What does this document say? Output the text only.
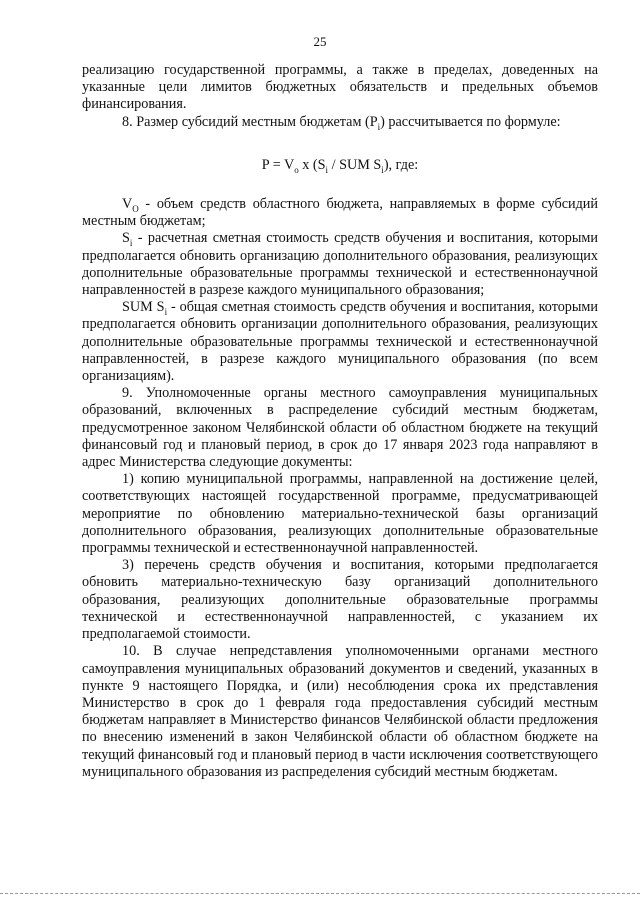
25

реализацию государственной программы, а также в пределах, доведенных на указанные цели лимитов бюджетных обязательств и предельных объемов финансирования.

8. Размер субсидий местным бюджетам $(P_i)$ рассчитывается по формуле:

$P = V_o$ x ($S_i$ / SUM $S_i$), где:

$V_O$ - объем средств областного бюджета, направляемых в форме субсидий местным бюджетам;

$S_i$ - расчетная сметная стоимость средств обучения и воспитания, которыми предполагается обновить организацию дополнительного образования, реализующих дополнительные образовательные программы технической и естественнонаучной направленностей в разрезе каждого муниципального образования;

SUM $S_i$ - общая сметная стоимость средств обучения и воспитания, которыми предполагается обновить организации дополнительного образования, реализующих дополнительные образовательные программы технической и естественнонаучной направленностей, в разрезе каждого муниципального образования (по всем организациям).

9. Уполномоченные органы местного самоуправления муниципальных образований, включенных в распределение субсидий местным бюджетам, предусмотренное законом Челябинской области об областном бюджете на текущий финансовый год и плановый период, в срок до 17 января 2023 года направляют в адрес Министерства следующие документы:

1) копию муниципальной программы, направленной на достижение целей, соответствующих настоящей государственной программе, предусматривающей мероприятие по обновлению материально-технической базы организаций дополнительного образования, реализующих дополнительные образовательные программы технической и естественнонаучной направленностей.

3) перечень средств обучения и воспитания, которыми предполагается обновить материально-техническую базу организаций дополнительного образования, реализующих дополнительные образовательные программы технической и естественнонаучной направленностей, с указанием их предполагаемой стоимости.

10. В случае непредставления уполномоченными органами местного самоуправления муниципальных образований документов и сведений, указанных в пункте 9 настоящего Порядка, и (или) несоблюдения срока их представления Министерство в срок до 1 февраля года предоставления субсидий местным бюджетам направляет в Министерство финансов Челябинской области предложения по внесению изменений в закон Челябинской области об областном бюджете на текущий финансовый год и плановый период в части исключения соответствующего муниципального образования из распределения субсидий местным бюджетам.
